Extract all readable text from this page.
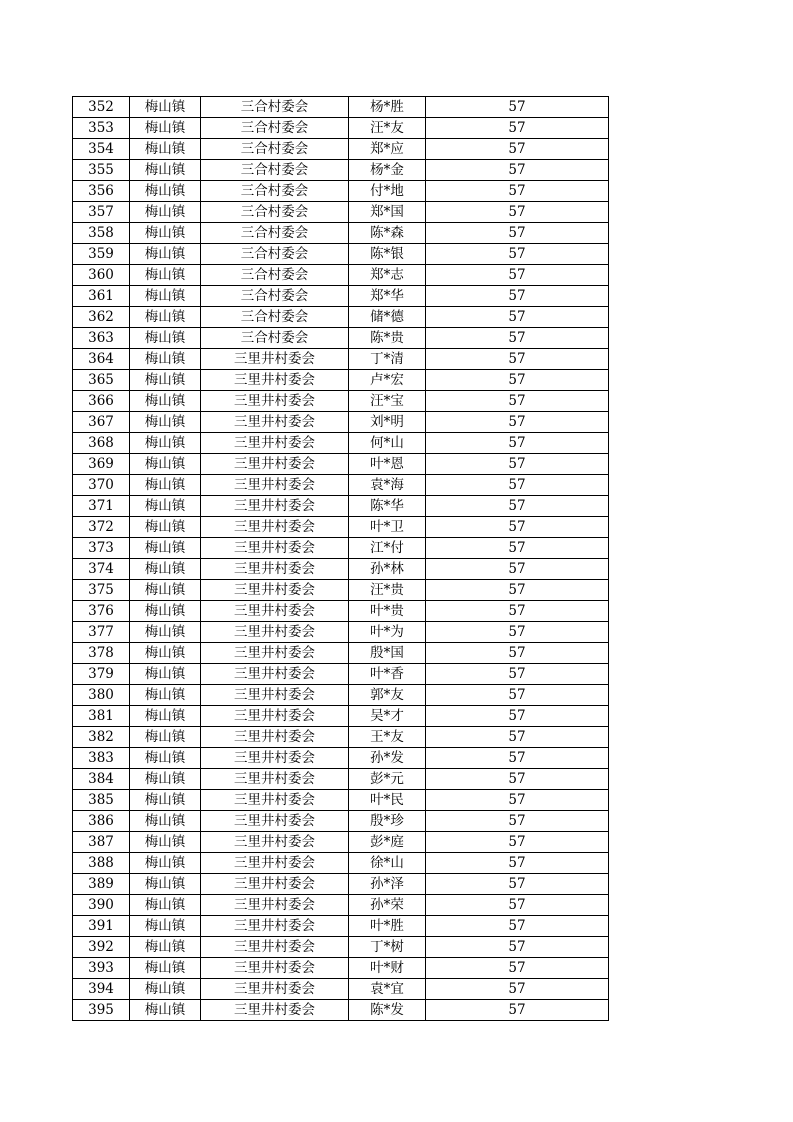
352	梅山镇	三合村委会	杨*胜	57
353	梅山镇	三合村委会	汪*友	57
354	梅山镇	三合村委会	郑*应	57
355	梅山镇	三合村委会	杨*金	57
356	梅山镇	三合村委会	付*地	57
357	梅山镇	三合村委会	郑*国	57
358	梅山镇	三合村委会	陈*森	57
359	梅山镇	三合村委会	陈*银	57
360	梅山镇	三合村委会	郑*志	57
361	梅山镇	三合村委会	郑*华	57
362	梅山镇	三合村委会	储*德	57
363	梅山镇	三合村委会	陈*贵	57
364	梅山镇	三里井村委会	丁*清	57
365	梅山镇	三里井村委会	卢*宏	57
366	梅山镇	三里井村委会	汪*宝	57
367	梅山镇	三里井村委会	刘*明	57
368	梅山镇	三里井村委会	何*山	57
369	梅山镇	三里井村委会	叶*恩	57
370	梅山镇	三里井村委会	袁*海	57
371	梅山镇	三里井村委会	陈*华	57
372	梅山镇	三里井村委会	叶*卫	57
373	梅山镇	三里井村委会	江*付	57
374	梅山镇	三里井村委会	孙*林	57
375	梅山镇	三里井村委会	汪*贵	57
376	梅山镇	三里井村委会	叶*贵	57
377	梅山镇	三里井村委会	叶*为	57
378	梅山镇	三里井村委会	殷*国	57
379	梅山镇	三里井村委会	叶*香	57
380	梅山镇	三里井村委会	郭*友	57
381	梅山镇	三里井村委会	吴*才	57
382	梅山镇	三里井村委会	王*友	57
383	梅山镇	三里井村委会	孙*发	57
384	梅山镇	三里井村委会	彭*元	57
385	梅山镇	三里井村委会	叶*民	57
386	梅山镇	三里井村委会	殷*珍	57
387	梅山镇	三里井村委会	彭*庭	57
388	梅山镇	三里井村委会	徐*山	57
389	梅山镇	三里井村委会	孙*泽	57
390	梅山镇	三里井村委会	孙*荣	57
391	梅山镇	三里井村委会	叶*胜	57
392	梅山镇	三里井村委会	丁*树	57
393	梅山镇	三里井村委会	叶*财	57
394	梅山镇	三里井村委会	袁*宜	57
395	梅山镇	三里井村委会	陈*发	57
